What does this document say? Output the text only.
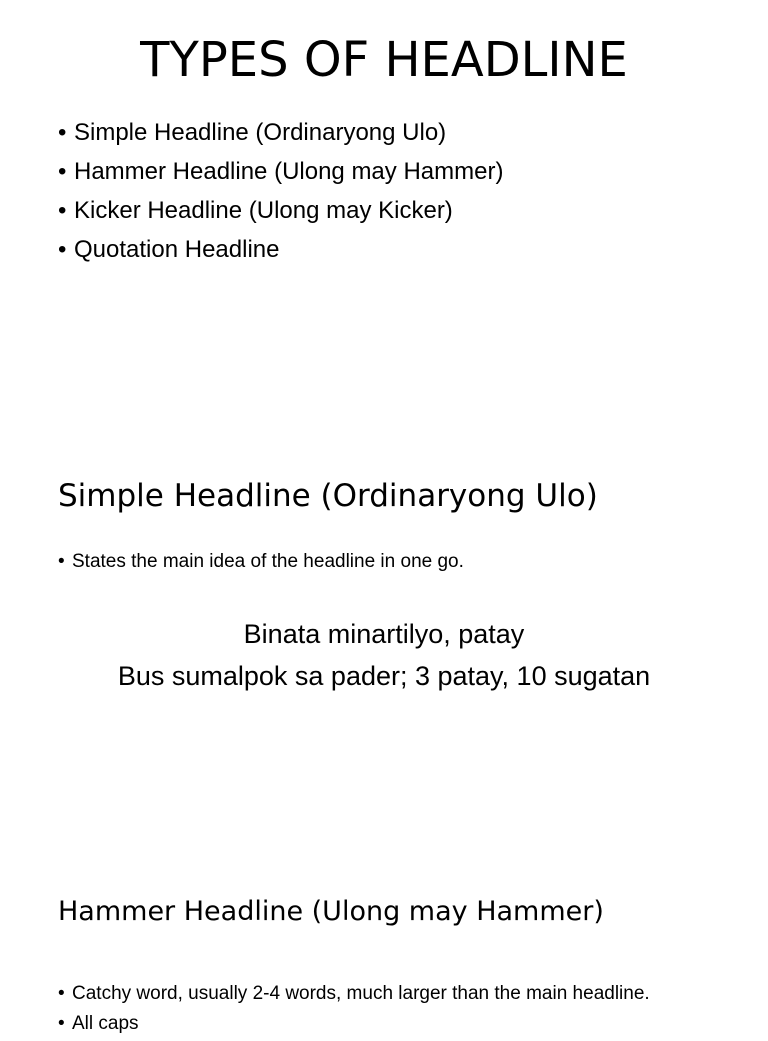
TYPES OF HEADLINE
• Simple Headline (Ordinaryong Ulo)
• Hammer Headline (Ulong may Hammer)
• Kicker Headline (Ulong may Kicker)
• Quotation Headline
Simple Headline (Ordinaryong Ulo)
• States the main idea of the headline in one go.
Binata minartilyo, patay
Bus sumalpok sa pader; 3 patay, 10 sugatan
Hammer Headline (Ulong may Hammer)
• Catchy word, usually 2-4 words, much larger than the main headline.
• All caps
